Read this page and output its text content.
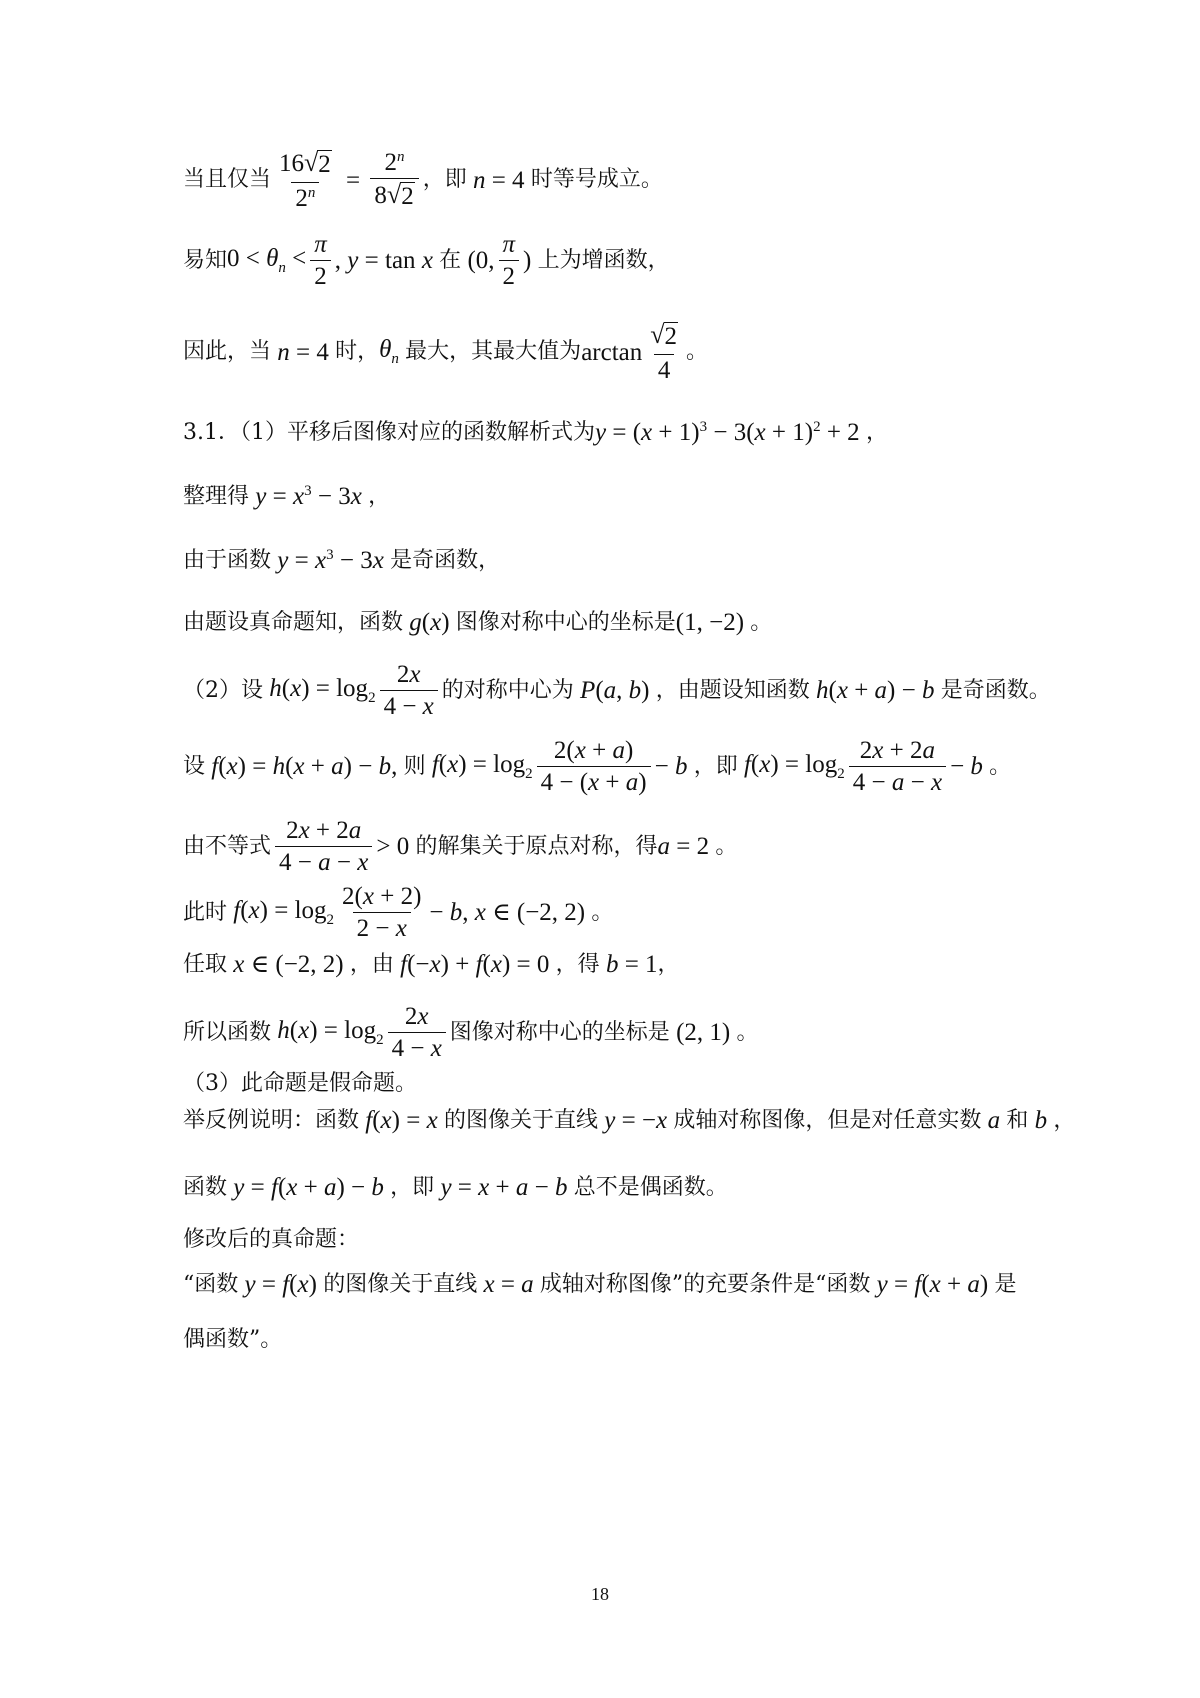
当且仅当 $\frac{16 √ 2}{2^n} = \frac{2^n}{8 √ 2}$ ，即 n = 4 时等号成立。
易知 $0 < \theta_n < \frac{\pi}{2}$ , y = tan x 在 (0, $\frac{\pi}{2}$ ) 上为增函数，
因此，当 n = 4 时， $\theta_n$ 最大，其最大值为 $\arctan \frac{√ 2}{4}$ 。
3.1．（1）平移后图像对应的函数解析式为 $y = (x + 1)^3 - 3(x + 1)^2 + 2$ ，
整理得 $y = x^3 - 3x$ ，
由于函数 $y = x^3 - 3x$ 是奇函数，
由题设真命题知，函数 g(x) 图像对称中心的坐标是 (1, −2) 。
（2）设 $h(x) = \log_2 \frac{2x}{4 - x}$ 的对称中心为 P(a, b) ，由题设知函数 h(x + a) − b 是奇函数。
设 f(x) = h(x + a) − b, 则 $f(x) = \log_2 \frac{2(x + a)}{4 - (x + a)} - b$ ，即 $f(x) = \log_2 \frac{2x + 2a}{4 - a - x} - b$ 。
由不等式 $\frac{2x + 2a}{4 - a - x} > 0$ 的解集关于原点对称，得 a = 2 。
此时 $f(x) = \log_2 \frac{2(x + 2)}{2 - x} - b$, x ∈ (−2, 2) 。
任取 x ∈ (−2, 2) ，由 f(−x) + f(x) = 0 ，得 b = 1 ，
所以函数 $h(x) = \log_2 \frac{2x}{4 - x}$ 图像对称中心的坐标是 (2, 1) 。
（3）此命题是假命题。
举反例说明：函数 f(x) = x 的图像关于直线 y = −x 成轴对称图像，但是对任意实数 a 和 b ，
函数 y = f(x + a) − b ，即 y = x + a − b 总不是偶函数。
修改后的真命题：
“函数 y = f(x) 的图像关于直线 x = a 成轴对称图像”的充要条件是“函数 y = f(x + a) 是
偶函数”。
18
